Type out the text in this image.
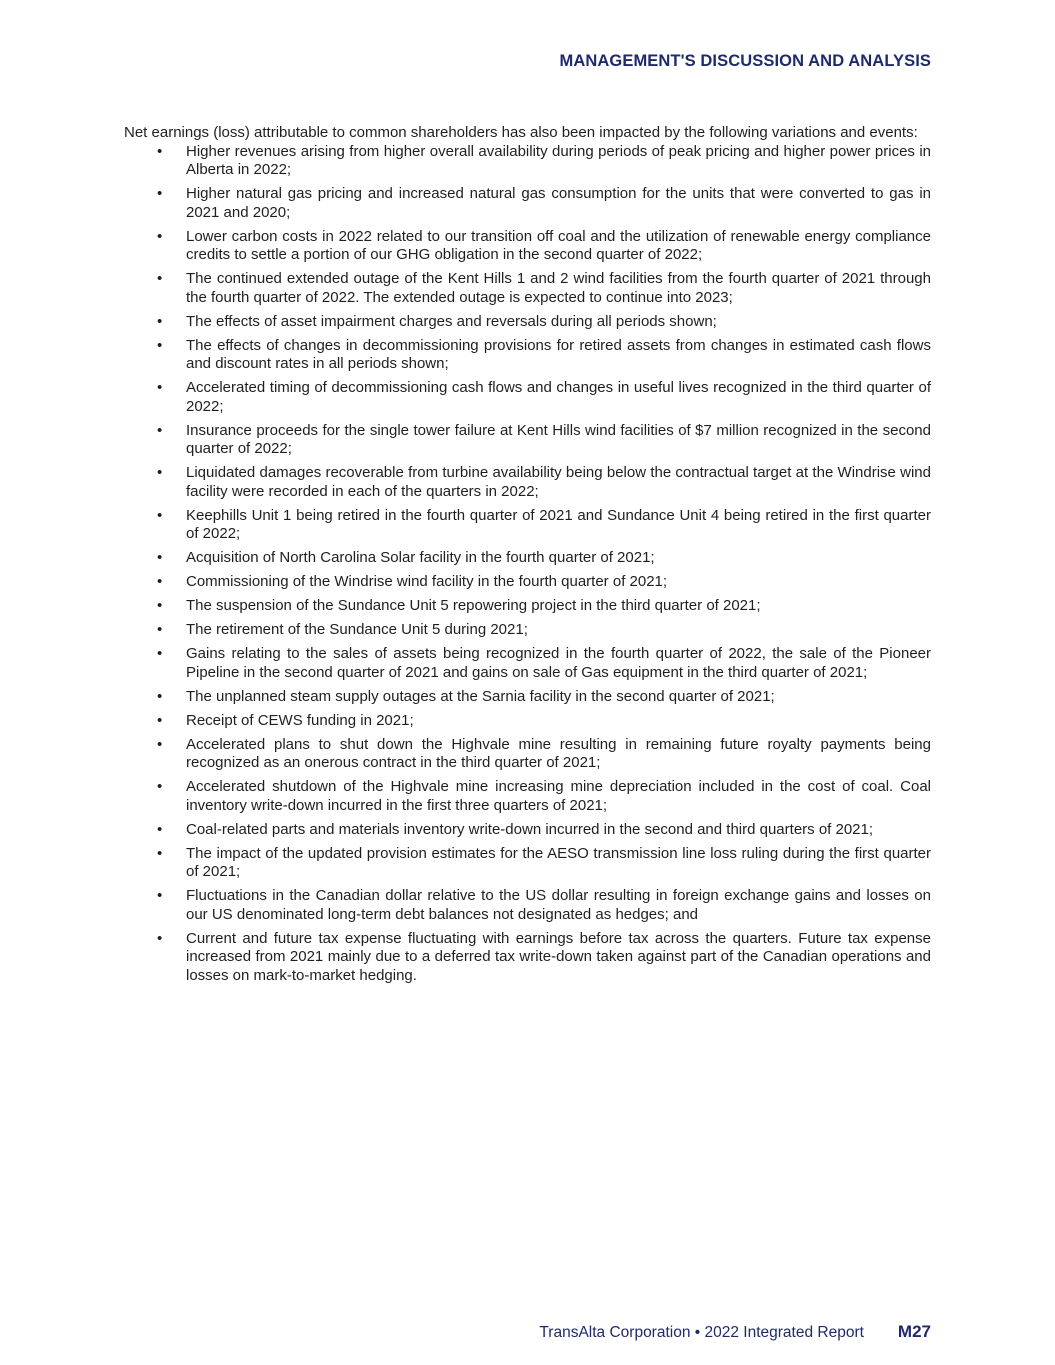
MANAGEMENT'S DISCUSSION AND ANALYSIS

Net earnings (loss) attributable to common shareholders has also been impacted by the following variations and events:

• Higher revenues arising from higher overall availability during periods of peak pricing and higher power prices in Alberta in 2022;
• Higher natural gas pricing and increased natural gas consumption for the units that were converted to gas in 2021 and 2020;
• Lower carbon costs in 2022 related to our transition off coal and the utilization of renewable energy compliance credits to settle a portion of our GHG obligation in the second quarter of 2022;
• The continued extended outage of the Kent Hills 1 and 2 wind facilities from the fourth quarter of 2021 through the fourth quarter of 2022. The extended outage is expected to continue into 2023;
• The effects of asset impairment charges and reversals during all periods shown;
• The effects of changes in decommissioning provisions for retired assets from changes in estimated cash flows and discount rates in all periods shown;
• Accelerated timing of decommissioning cash flows and changes in useful lives recognized in the third quarter of 2022;
• Insurance proceeds for the single tower failure at Kent Hills wind facilities of $7 million recognized in the second quarter of 2022;
• Liquidated damages recoverable from turbine availability being below the contractual target at the Windrise wind facility were recorded in each of the quarters in 2022;
• Keephills Unit 1 being retired in the fourth quarter of 2021 and Sundance Unit 4 being retired in the first quarter of 2022;
• Acquisition of North Carolina Solar facility in the fourth quarter of 2021;
• Commissioning of the Windrise wind facility in the fourth quarter of 2021;
• The suspension of the Sundance Unit 5 repowering project in the third quarter of 2021;
• The retirement of the Sundance Unit 5 during 2021;
• Gains relating to the sales of assets being recognized in the fourth quarter of 2022, the sale of the Pioneer Pipeline in the second quarter of 2021 and gains on sale of Gas equipment in the third quarter of 2021;
• The unplanned steam supply outages at the Sarnia facility in the second quarter of 2021;
• Receipt of CEWS funding in 2021;
• Accelerated plans to shut down the Highvale mine resulting in remaining future royalty payments being recognized as an onerous contract in the third quarter of 2021;
• Accelerated shutdown of the Highvale mine increasing mine depreciation included in the cost of coal. Coal inventory write-down incurred in the first three quarters of 2021;
• Coal-related parts and materials inventory write-down incurred in the second and third quarters of 2021;
• The impact of the updated provision estimates for the AESO transmission line loss ruling during the first quarter of 2021;
• Fluctuations in the Canadian dollar relative to the US dollar resulting in foreign exchange gains and losses on our US denominated long-term debt balances not designated as hedges; and
• Current and future tax expense fluctuating with earnings before tax across the quarters. Future tax expense increased from 2021 mainly due to a deferred tax write-down taken against part of the Canadian operations and losses on mark-to-market hedging.
TransAlta Corporation • 2022 Integrated Report M27
